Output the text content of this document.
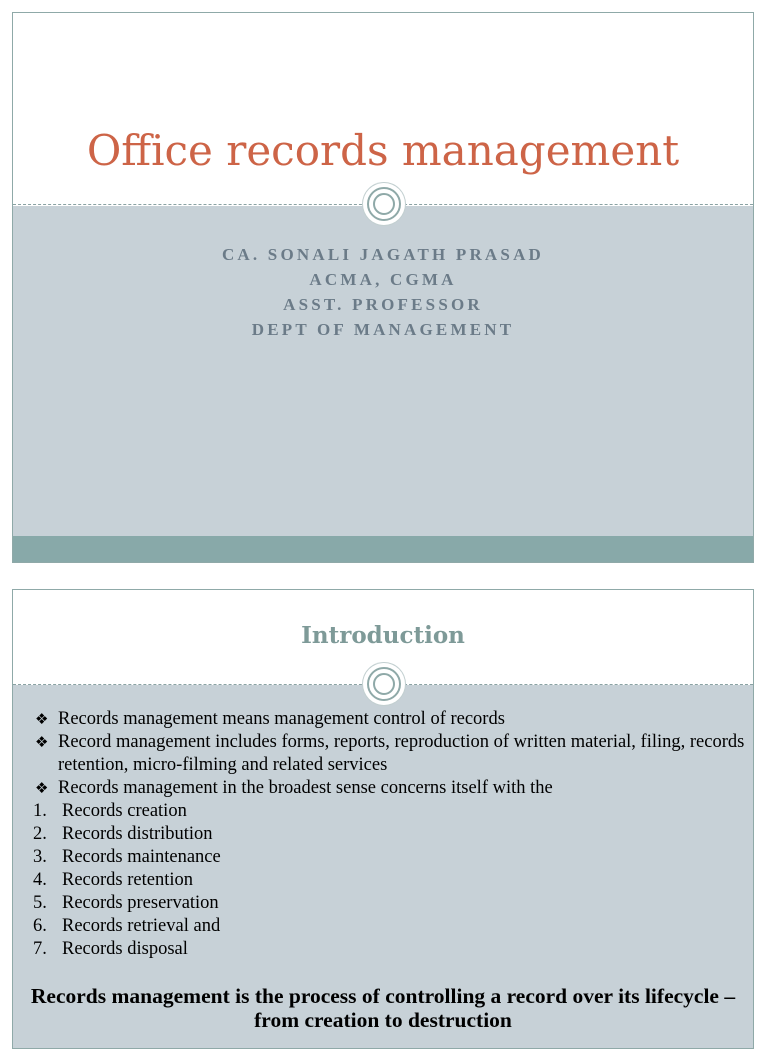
Office records management
CA. SONALI JAGATH PRASAD
ACMA, CGMA
ASST. PROFESSOR
DEPT OF MANAGEMENT
Introduction
❖ Records management means management control of records
❖ Record management includes forms, reports, reproduction of written material, filing, records retention, micro-filming and related services
❖ Records management in the broadest sense concerns itself with the
1. Records creation
2. Records distribution
3. Records maintenance
4. Records retention
5. Records preservation
6. Records retrieval and
7. Records disposal
Records management is the process of controlling a record over its lifecycle – from creation to destruction
